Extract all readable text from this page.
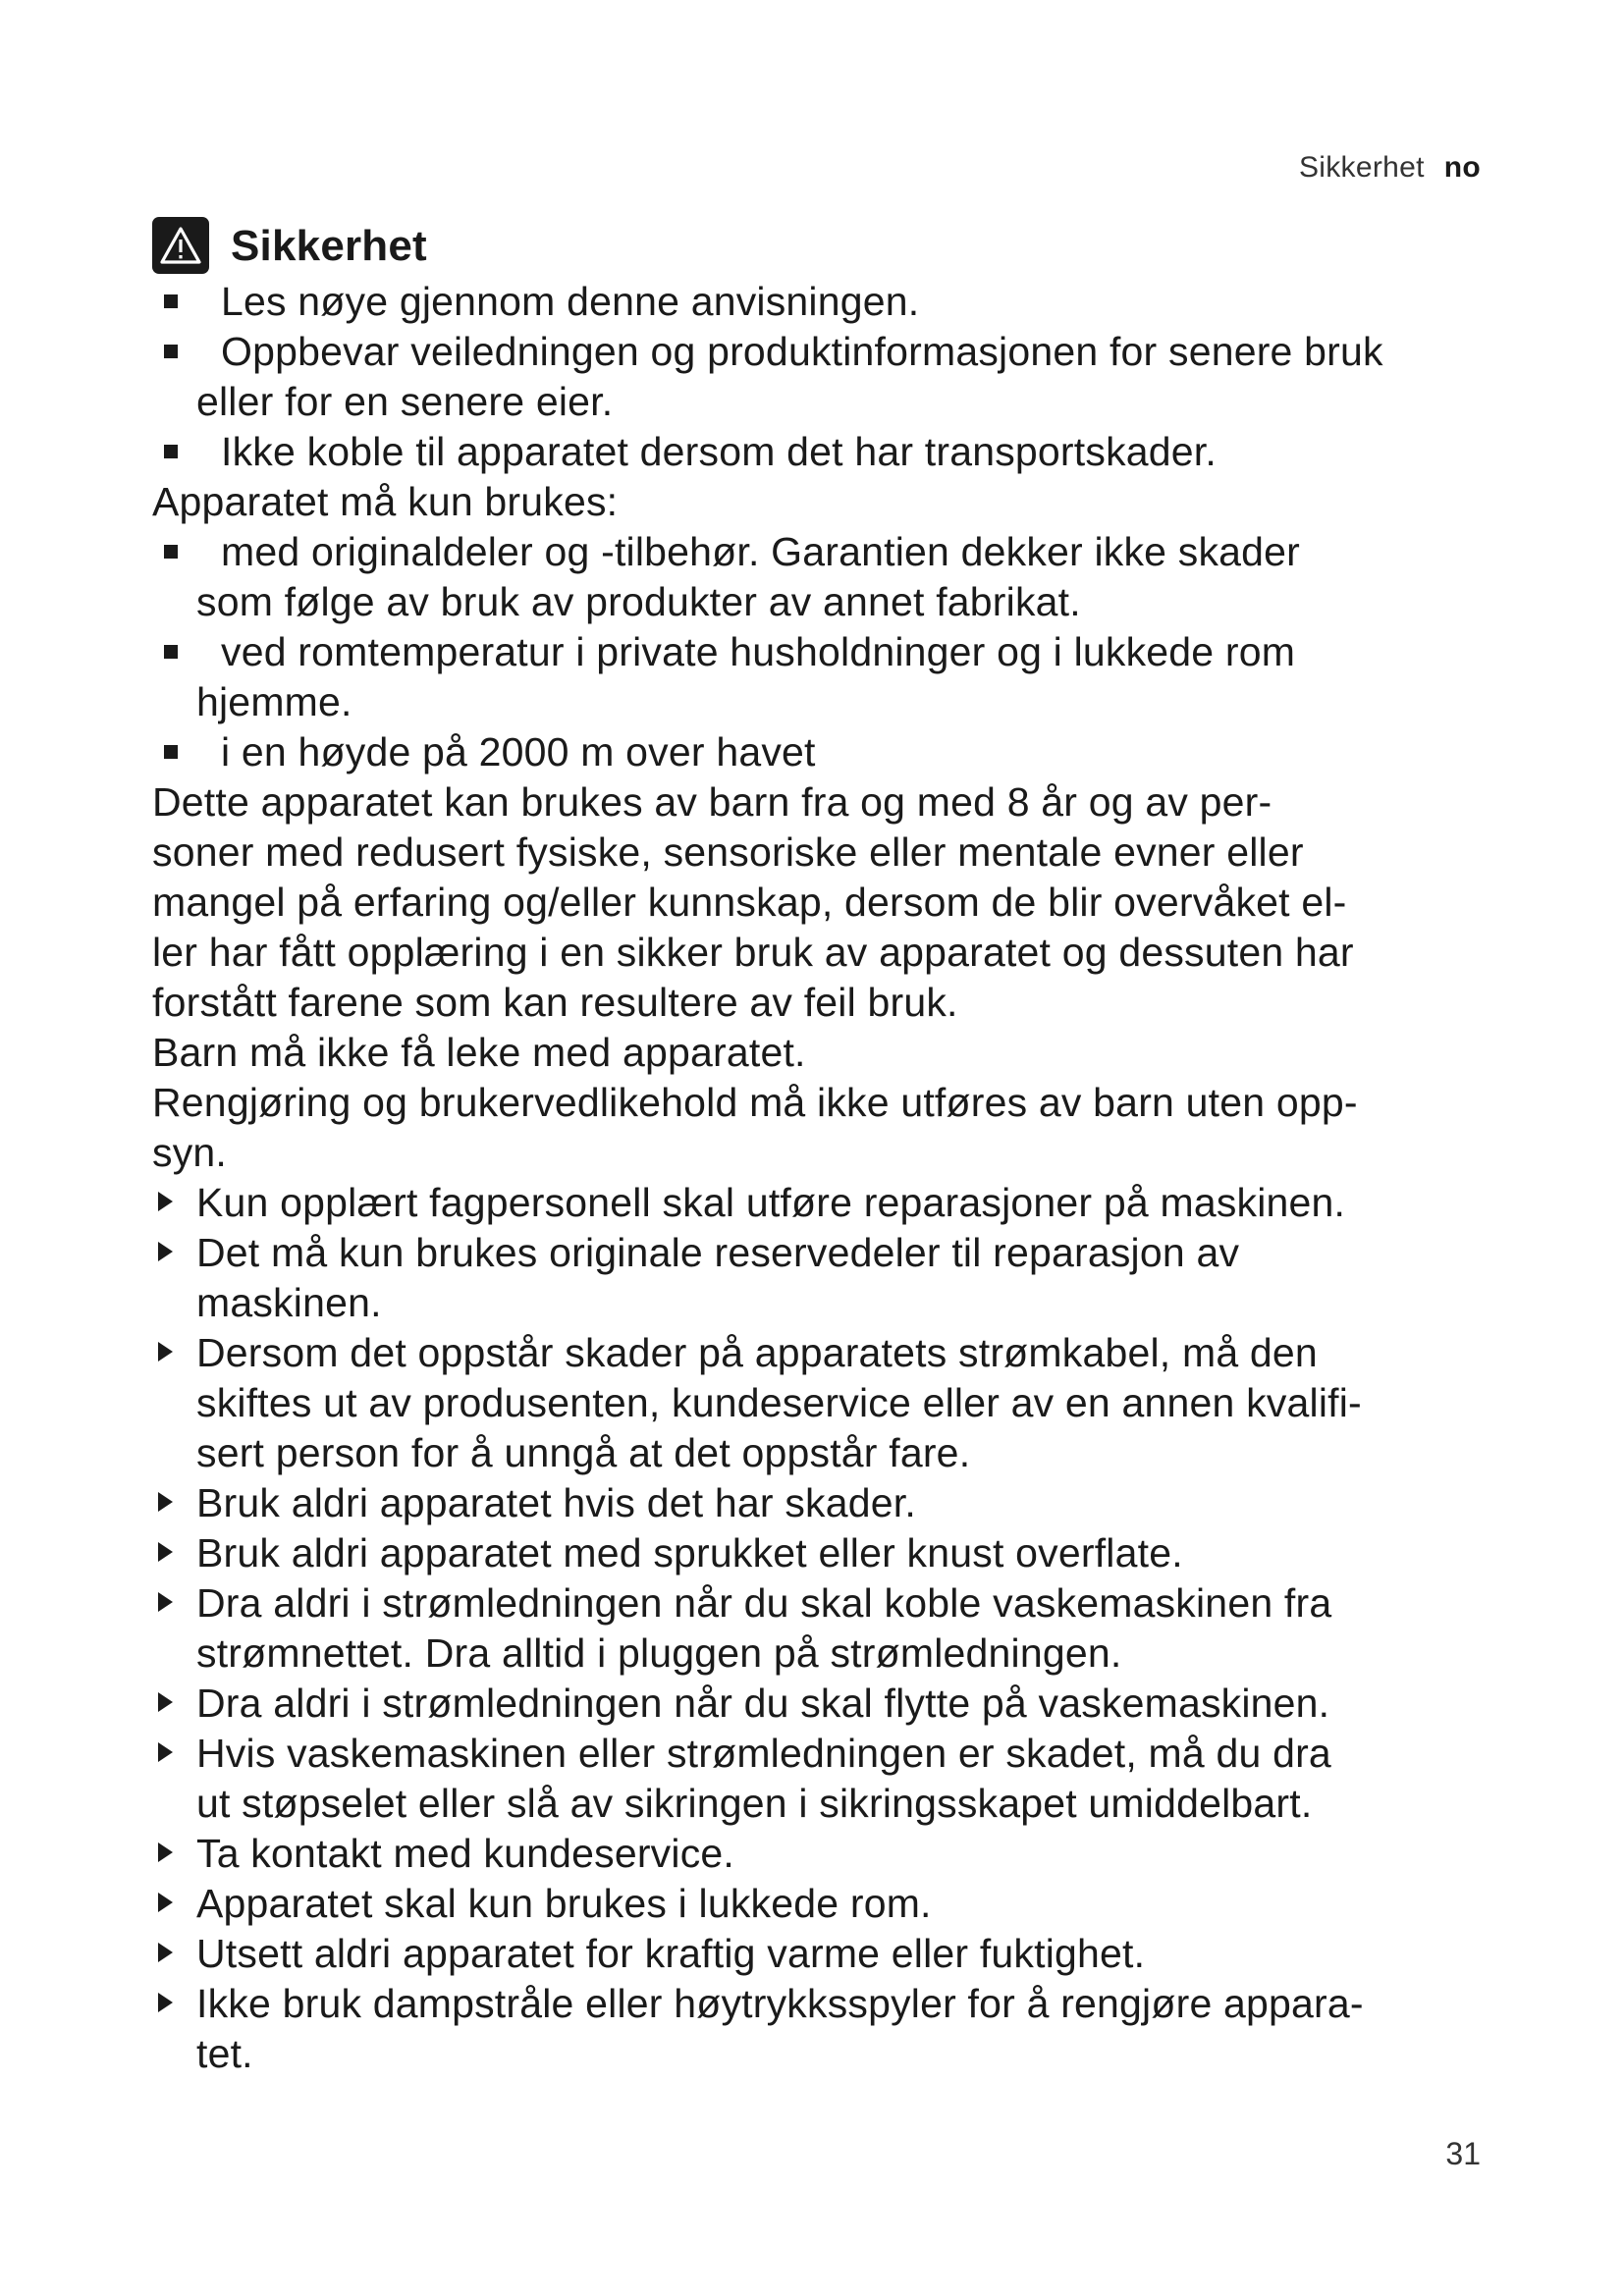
Sikkerhet no
Sikkerhet
Les nøye gjennom denne anvisningen.
Oppbevar veiledningen og produktinformasjonen for senere bruk
eller for en senere eier.
Ikke koble til apparatet dersom det har transportskader.
Apparatet må kun brukes:
med originaldeler og -tilbehør. Garantien dekker ikke skader
som følge av bruk av produkter av annet fabrikat.
ved romtemperatur i private husholdninger og i lukkede rom
hjemme.
i en høyde på 2000 m over havet
Dette apparatet kan brukes av barn fra og med 8 år og av per-
soner med redusert fysiske, sensoriske eller mentale evner eller
mangel på erfaring og/eller kunnskap, dersom de blir overvåket el-
ler har fått opplæring i en sikker bruk av apparatet og dessuten har
forstått farene som kan resultere av feil bruk.
Barn må ikke få leke med apparatet.
Rengjøring og brukervedlikehold må ikke utføres av barn uten opp-
syn.
Kun opplært fagpersonell skal utføre reparasjoner på maskinen.
Det må kun brukes originale reservedeler til reparasjon av
maskinen.
Dersom det oppstår skader på apparatets strømkabel, må den
skiftes ut av produsenten, kundeservice eller av en annen kvalifi-
sert person for å unngå at det oppstår fare.
Bruk aldri apparatet hvis det har skader.
Bruk aldri apparatet med sprukket eller knust overflate.
Dra aldri i strømledningen når du skal koble vaskemaskinen fra
strømnettet. Dra alltid i pluggen på strømledningen.
Dra aldri i strømledningen når du skal flytte på vaskemaskinen.
Hvis vaskemaskinen eller strømledningen er skadet, må du dra
ut støpselet eller slå av sikringen i sikringsskapet umiddelbart.
Ta kontakt med kundeservice.
Apparatet skal kun brukes i lukkede rom.
Utsett aldri apparatet for kraftig varme eller fuktighet.
Ikke bruk dampstråle eller høytrykksspyler for å rengjøre appara-
tet.
31
